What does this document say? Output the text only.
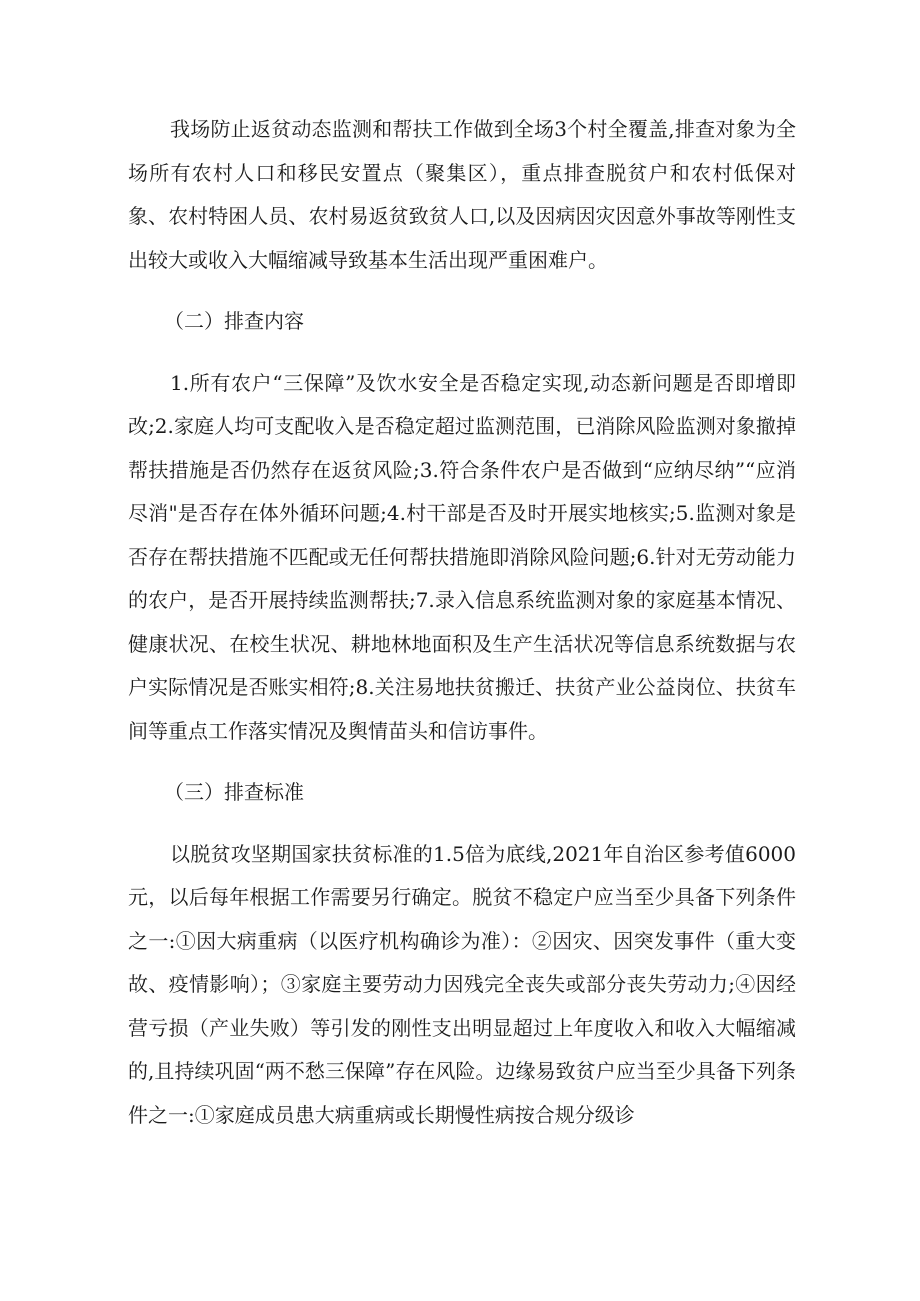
我场防止返贫动态监测和帮扶工作做到全场3个村全覆盖,排查对象为全场所有农村人口和移民安置点（聚集区），重点排查脱贫户和农村低保对象、农村特困人员、农村易返贫致贫人口,以及因病因灾因意外事故等刚性支出较大或收入大幅缩减导致基本生活出现严重困难户。

（二）排查内容

1.所有农户“三保障”及饮水安全是否稳定实现,动态新问题是否即增即改;2.家庭人均可支配收入是否稳定超过监测范围，已消除风险监测对象撤掉帮扶措施是否仍然存在返贫风险;3.符合条件农户是否做到“应纳尽纳”“应消尽消"是否存在体外循环问题;4.村干部是否及时开展实地核实;5.监测对象是否存在帮扶措施不匹配或无任何帮扶措施即消除风险问题;6.针对无劳动能力的农户，是否开展持续监测帮扶;7.录入信息系统监测对象的家庭基本情况、健康状况、在校生状况、耕地林地面积及生产生活状况等信息系统数据与农户实际情况是否账实相符;8.关注易地扶贫搬迁、扶贫产业公益岗位、扶贫车间等重点工作落实情况及舆情苗头和信访事件。

（三）排查标准

以脱贫攻坚期国家扶贫标准的1.5倍为底线,2021年自治区参考值6000元，以后每年根据工作需要另行确定。脱贫不稳定户应当至少具备下列条件之一:①因大病重病（以医疗机构确诊为准）：②因灾、因突发事件（重大变故、疫情影响）；③家庭主要劳动力因残完全丧失或部分丧失劳动力;④因经营亏损（产业失败）等引发的刚性支出明显超过上年度收入和收入大幅缩减的,且持续巩固“两不愁三保障”存在风险。边缘易致贫户应当至少具备下列条件之一:①家庭成员患大病重病或长期慢性病按合规分级诊
